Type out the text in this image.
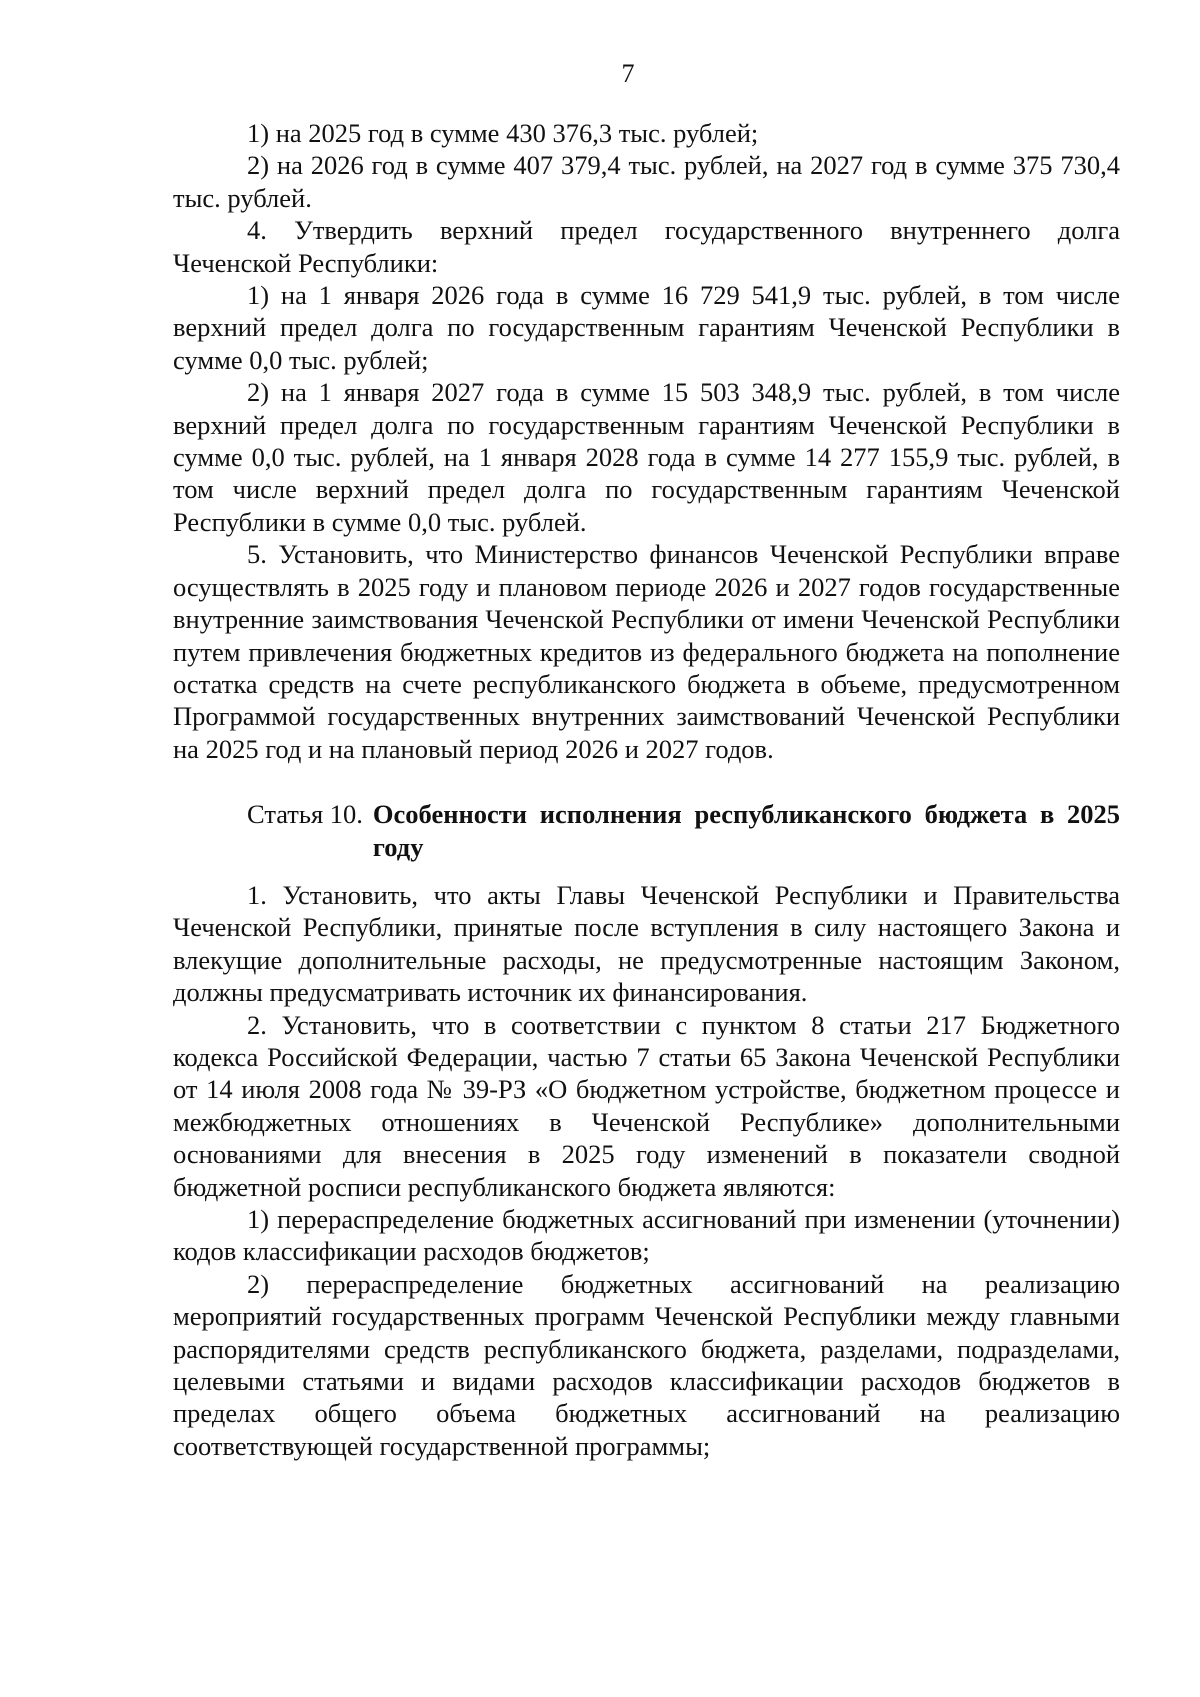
7

1) на 2025 год в сумме 430 376,3 тыс. рублей;

2) на 2026 год в сумме 407 379,4 тыс. рублей, на 2027 год в сумме 375 730,4 тыс. рублей.

4. Утвердить верхний предел государственного внутреннего долга Чеченской Республики:

1) на 1 января 2026 года в сумме 16 729 541,9 тыс. рублей, в том числе верхний предел долга по государственным гарантиям Чеченской Республики в сумме 0,0 тыс. рублей;

2) на 1 января 2027 года в сумме 15 503 348,9 тыс. рублей, в том числе верхний предел долга по государственным гарантиям Чеченской Республики в сумме 0,0 тыс. рублей, на 1 января 2028 года в сумме 14 277 155,9 тыс. рублей, в том числе верхний предел долга по государственным гарантиям Чеченской Республики в сумме 0,0 тыс. рублей.

5. Установить, что Министерство финансов Чеченской Республики вправе осуществлять в 2025 году и плановом периоде 2026 и 2027 годов государственные внутренние заимствования Чеченской Республики от имени Чеченской Республики путем привлечения бюджетных кредитов из федерального бюджета на пополнение остатка средств на счете республиканского бюджета в объеме, предусмотренном Программой государственных внутренних заимствований Чеченской Республики на 2025 год и на плановый период 2026 и 2027 годов.

Статья 10. Особенности исполнения республиканского бюджета в 2025 году

1. Установить, что акты Главы Чеченской Республики и Правительства Чеченской Республики, принятые после вступления в силу настоящего Закона и влекущие дополнительные расходы, не предусмотренные настоящим Законом, должны предусматривать источник их финансирования.

2. Установить, что в соответствии с пунктом 8 статьи 217 Бюджетного кодекса Российской Федерации, частью 7 статьи 65 Закона Чеченской Республики от 14 июля 2008 года № 39-РЗ «О бюджетном устройстве, бюджетном процессе и межбюджетных отношениях в Чеченской Республике» дополнительными основаниями для внесения в 2025 году изменений в показатели сводной бюджетной росписи республиканского бюджета являются:

1) перераспределение бюджетных ассигнований при изменении (уточнении) кодов классификации расходов бюджетов;

2) перераспределение бюджетных ассигнований на реализацию мероприятий государственных программ Чеченской Республики между главными распорядителями средств республиканского бюджета, разделами, подразделами, целевыми статьями и видами расходов классификации расходов бюджетов в пределах общего объема бюджетных ассигнований на реализацию соответствующей государственной программы;
